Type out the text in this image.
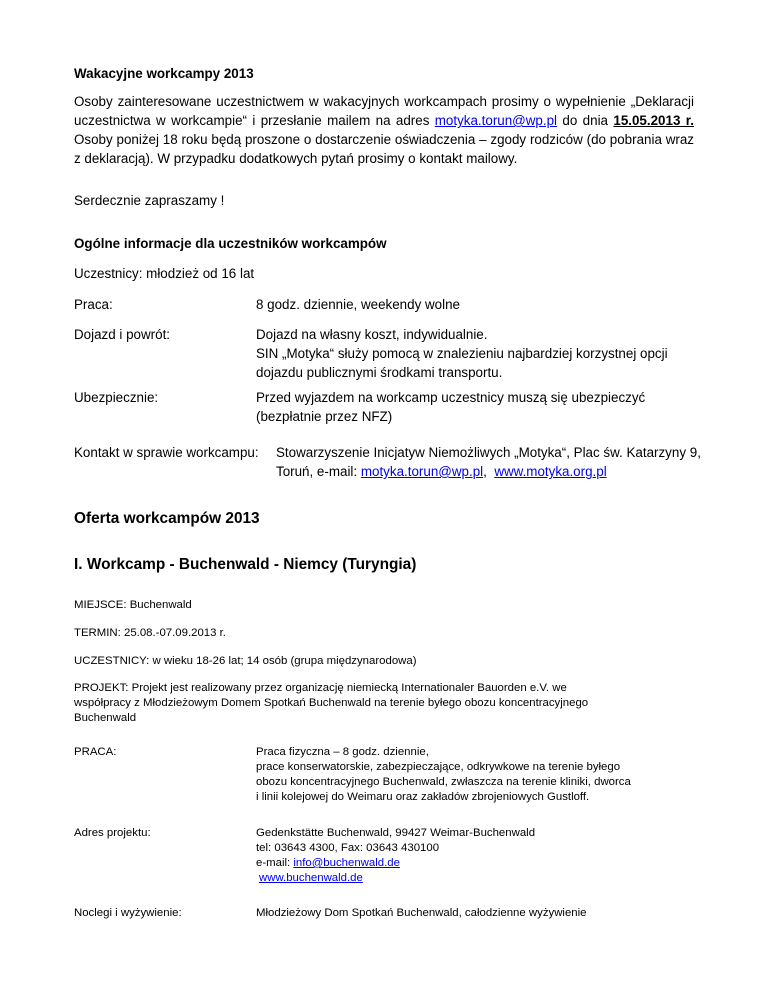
Wakacyjne workcampy 2013
Osoby zainteresowane uczestnictwem w wakacyjnych workcampach prosimy o wypełnienie „Deklaracji uczestnictwa w workcampie“ i przesłanie mailem na adres motyka.torun@wp.pl do dnia 15.05.2013 r. Osoby poniżej 18 roku będą proszone o dostarczenie oświadczenia – zgody rodziców (do pobrania wraz z deklaracją). W przypadku dodatkowych pytań prosimy o kontakt mailowy.
Serdecznie zapraszamy !
Ogólne informacje dla uczestników workcampów
Uczestnicy: młodzież od 16 lat
Praca:	8 godz. dziennie, weekendy wolne
Dojazd i powrót:	Dojazd na własny koszt, indywidualnie.
SIN „Motyka“ służy pomocą w znalezieniu najbardziej korzystnej opcji
dojazdu publicznymi środkami transportu.
Ubezpiecznie:	Przed wyjazdem na workcamp uczestnicy muszą się ubezpieczyć
(bezpłatnie przez NFZ)
Kontakt w sprawie workcampu: Stowarzyszenie Inicjatyw Niemożliwych „Motyka“, Plac św. Katarzyny 9,
Toruń, e-mail: motyka.torun@wp.pl, www.motyka.org.pl
Oferta workcampów 2013
I. Workcamp - Buchenwald - Niemcy (Turyngia)
MIEJSCE: Buchenwald
TERMIN: 25.08.-07.09.2013 r.
UCZESTNICY: w wieku 18-26 lat; 14 osób (grupa międzynarodowa)
PROJEKT: Projekt jest realizowany przez organizację niemiecką Internationaler Bauorden e.V. we
współpracy z Młodzieżowym Domem Spotkań Buchenwald na terenie byłego obozu koncentracyjnego
Buchenwald
PRACA:	Praca fizyczna – 8 godz. dziennie,
prace konserwatorskie, zabezpieczające, odkrywkowe na terenie byłego
obozu koncentracyjnego Buchenwald, zwłaszcza na terenie kliniki, dworca
i linii kolejowej do Weimaru oraz zakładów zbrojeniowych Gustloff.
Adres projektu:	Gedenkstätte Buchenwald, 99427 Weimar-Buchenwald
tel: 03643 4300, Fax: 03643 430100
e-mail: info@buchenwald.de
www.buchenwald.de
Noclegi i wyżywienie:	Młodzieżowy Dom Spotkań Buchenwald, całodzienne wyżywienie
